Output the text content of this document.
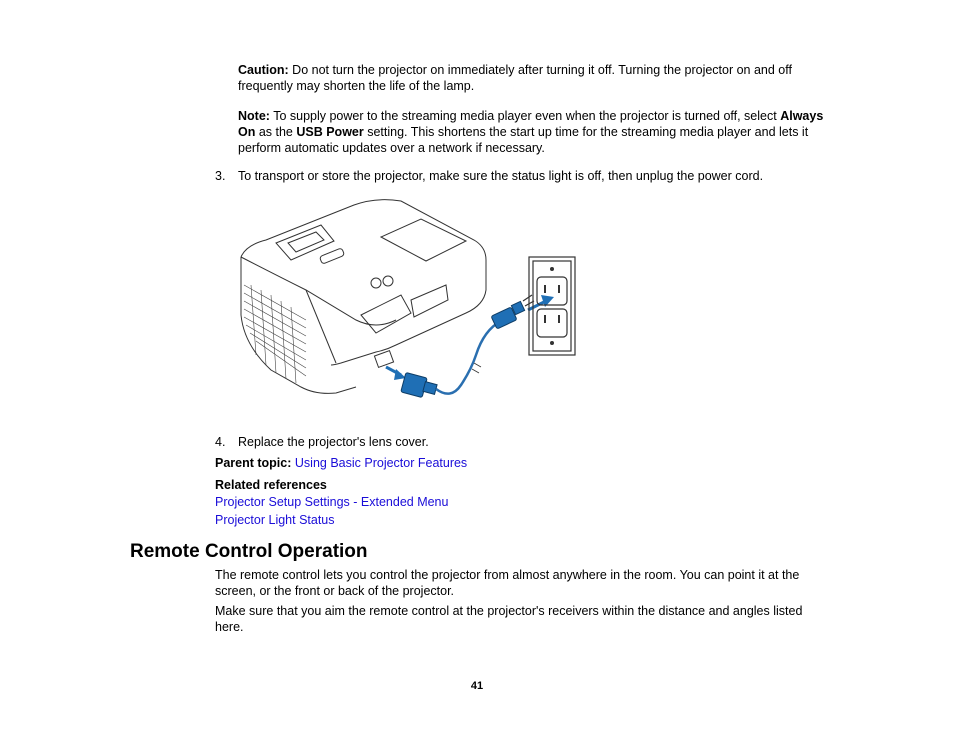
Caution: Do not turn the projector on immediately after turning it off. Turning the projector on and off frequently may shorten the life of the lamp.

Note: To supply power to the streaming media player even when the projector is turned off, select Always On as the USB Power setting. This shortens the start up time for the streaming media player and lets it perform automatic updates over a network if necessary.

3. To transport or store the projector, make sure the status light is off, then unplug the power cord.
4. Replace the projector's lens cover.
Parent topic: Using Basic Projector Features
Related references
Projector Setup Settings - Extended Menu
Projector Light Status
Remote Control Operation

The remote control lets you control the projector from almost anywhere in the room. You can point it at the screen, or the front or back of the projector.

Make sure that you aim the remote control at the projector's receivers within the distance and angles listed here.

41
